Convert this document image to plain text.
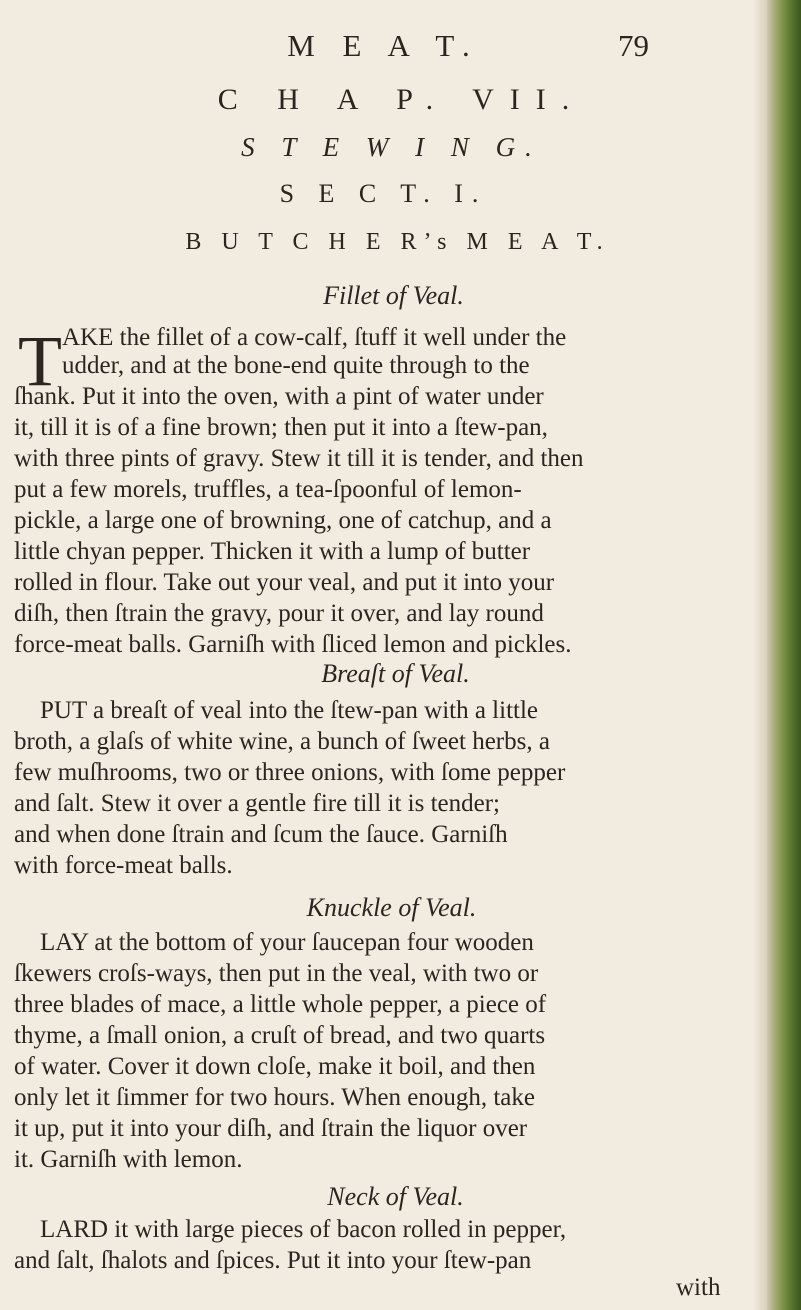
M E A T.	79
C H A P. VII.
S T E W I N G.
S E C T. I.
B U T C H E R’s M E A T.
Fillet of Veal.
T AKE the fillet of a cow-calf, ſtuff it well under the
udder, and at the bone-end quite through to the
ſhank. Put it into the oven, with a pint of water under
it, till it is of a fine brown; then put it into a ſtew-pan,
with three pints of gravy. Stew it till it is tender, and then
put a few morels, truffles, a tea-ſpoonful of lemon-
pickle, a large one of browning, one of catchup, and a
little chyan pepper. Thicken it with a lump of butter
rolled in flour. Take out your veal, and put it into your
diſh, then ſtrain the gravy, pour it over, and lay round
force-meat balls. Garniſh with ſliced lemon and pickles.
Breaſt of Veal.
PUT a breaſt of veal into the ſtew-pan with a little
broth, a glaſs of white wine, a bunch of ſweet herbs, a
few muſhrooms, two or three onions, with ſome pepper
and ſalt. Stew it over a gentle fire till it is tender;
and when done ſtrain and ſcum the ſauce. Garniſh
with force-meat balls.
Knuckle of Veal.
LAY at the bottom of your ſaucepan four wooden
ſkewers croſs-ways, then put in the veal, with two or
three blades of mace, a little whole pepper, a piece of
thyme, a ſmall onion, a cruſt of bread, and two quarts
of water. Cover it down cloſe, make it boil, and then
only let it ſimmer for two hours. When enough, take
it up, put it into your diſh, and ſtrain the liquor over
it. Garniſh with lemon.
Neck of Veal.
LARD it with large pieces of bacon rolled in pepper,
and ſalt, ſhalots and ſpices. Put it into your ſtew-pan
with
